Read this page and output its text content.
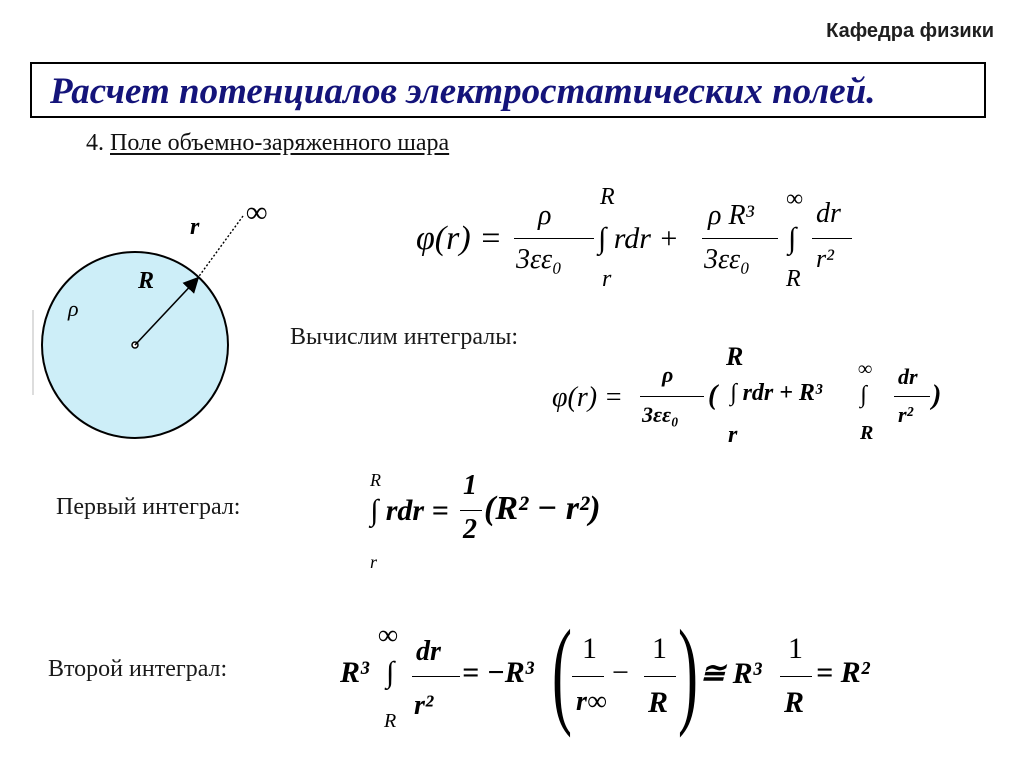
Кафедра физики
Расчет потенциалов электростатических полей.
4. Поле объемно-заряженного шара
ρ
R
r ∞
φ(r) =
ρ
3εε₀
R
∫ rdr +
r
ρ R³
3εε₀
∞
∫
R
dr
r²
Вычислим интегралы:
φ(r) =
ρ
3εε₀
(
R
∫ rdr + R³
r
∞
∫
R
dr
r²
)
Первый интеграл:
R
∫ rdr =
r
1
2
(R² − r²)
Второй интеграл:	R³
∞
∫
R
dr
r²
= −R³ ( 1
r∞
−
1
R ) ≅ R³
1
R
= R²
